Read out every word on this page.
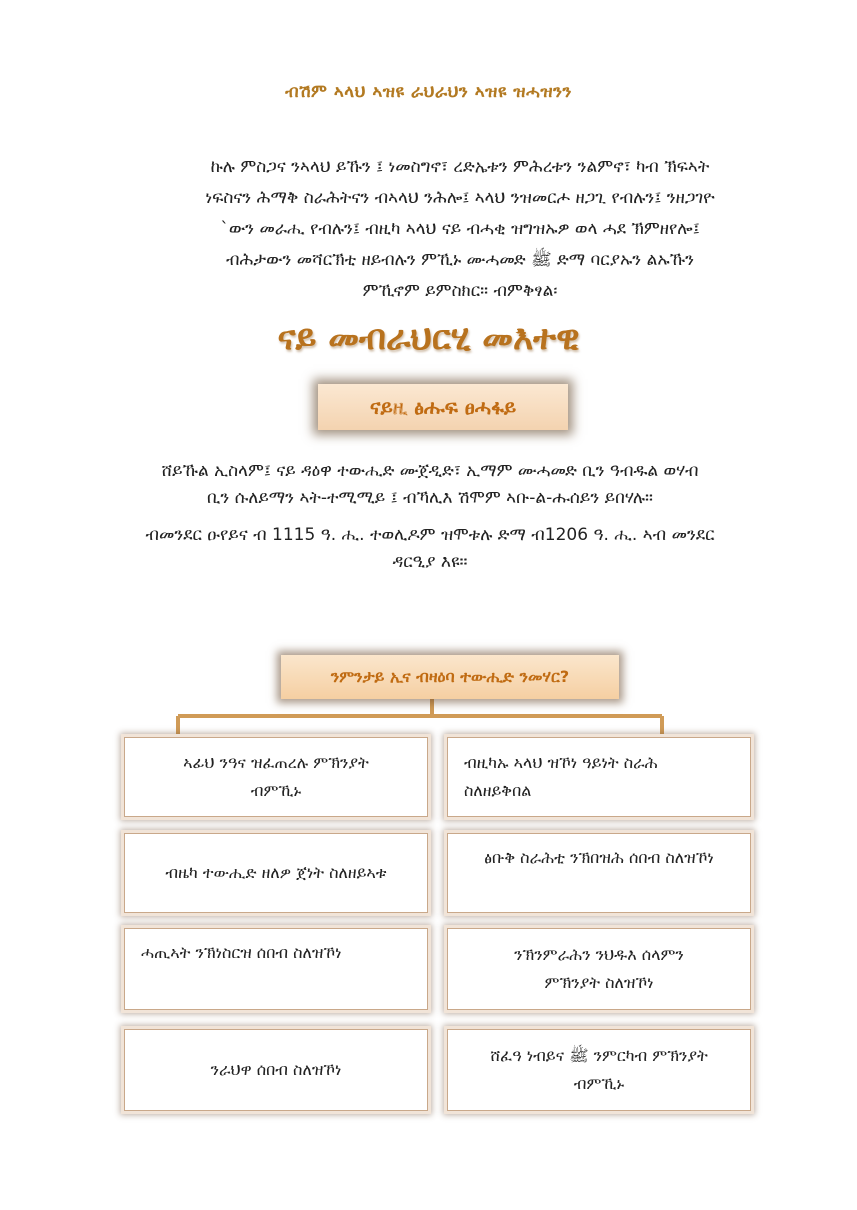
ብሽም ኣላህ ኣዝዩ ራህራህን ኣዝዩ ዝሓዝንን
ኩሉ ምስጋና ንኣላህ ይኹን ፤ ነመስግኖ፣ ረድኤቱን ምሕረቱን ንልምኖ፣ ካብ ኽፍኣት
ነፍስናን ሕማቅ ስራሕትናን ብኣላህ ንሕሎ፤ ኣላህ ንዝመርሖ ዘጋጊ የብሉን፤ ንዘጋገዮ
`ውን መራሒ የብሉን፤ ብዚካ ኣላህ ናይ ብሓቂ ዝግዝኡዎ ወላ ሓደ ኽምዘየሎ፤
ብሕታውን መሻርኽቲ ዘይብሉን ምኺኑ ሙሓመድ ﷺ ድማ ባርያኡን ልኡኹን
ምኺኖም ይምስክር። ብምቅፃል፡
ናይ መብራህርሂ መእተዊ
ናይዚ ፅሑፍ ፀሓፋይ
ሸይኹል ኢስላም፤ ናይ ዳዕዋ ተውሒድ ሙጀዲድ፣ ኢማም ሙሓመድ ቢን ዓብዱል ወሃብ
ቢን ሱለይማን ኣት-ተሚሚይ ፤ ብኻሊእ ሽሞም ኣቡ-ል-ሑሰይን ይበሃሉ።
ብመንደር ዑየይና ብ 1115 ዓ. ሒ. ተወሊዶም ዝሞቱሉ ድማ ብ1206 ዓ. ሒ. ኣብ መንደር
ዳርዒያ እዩ።
ንምንታይ ኢና ብዛዕባ ተውሒድ ንመሃር?
ኣፊህ ንዓና ዝፈጠረሉ ምኽንያት
ብምኺኑ
ብዜካ ተውሒድ ዘለዎ ጀነት ስለዘይኣቱ
ሓጢኣት ንኽነስርዝ ሰበብ ስለዝኾነ
ንራህዋ ሰበብ ስለዝኾነ
ብዚካኡ ኣላህ ዝኾነ ዓይነት ስራሕ
ስለዘይቅበል
ፅቡቅ ስራሕቲ ንኽበዝሕ ሰበብ ስለዝኾነ
ንኽንምራሕን ንህዱእ ሰላምን
ምኽንያት ስለዝኾነ
ሸፈዓ ነብይና ﷺ ንምርካብ ምኽንያት
ብምኺኑ
